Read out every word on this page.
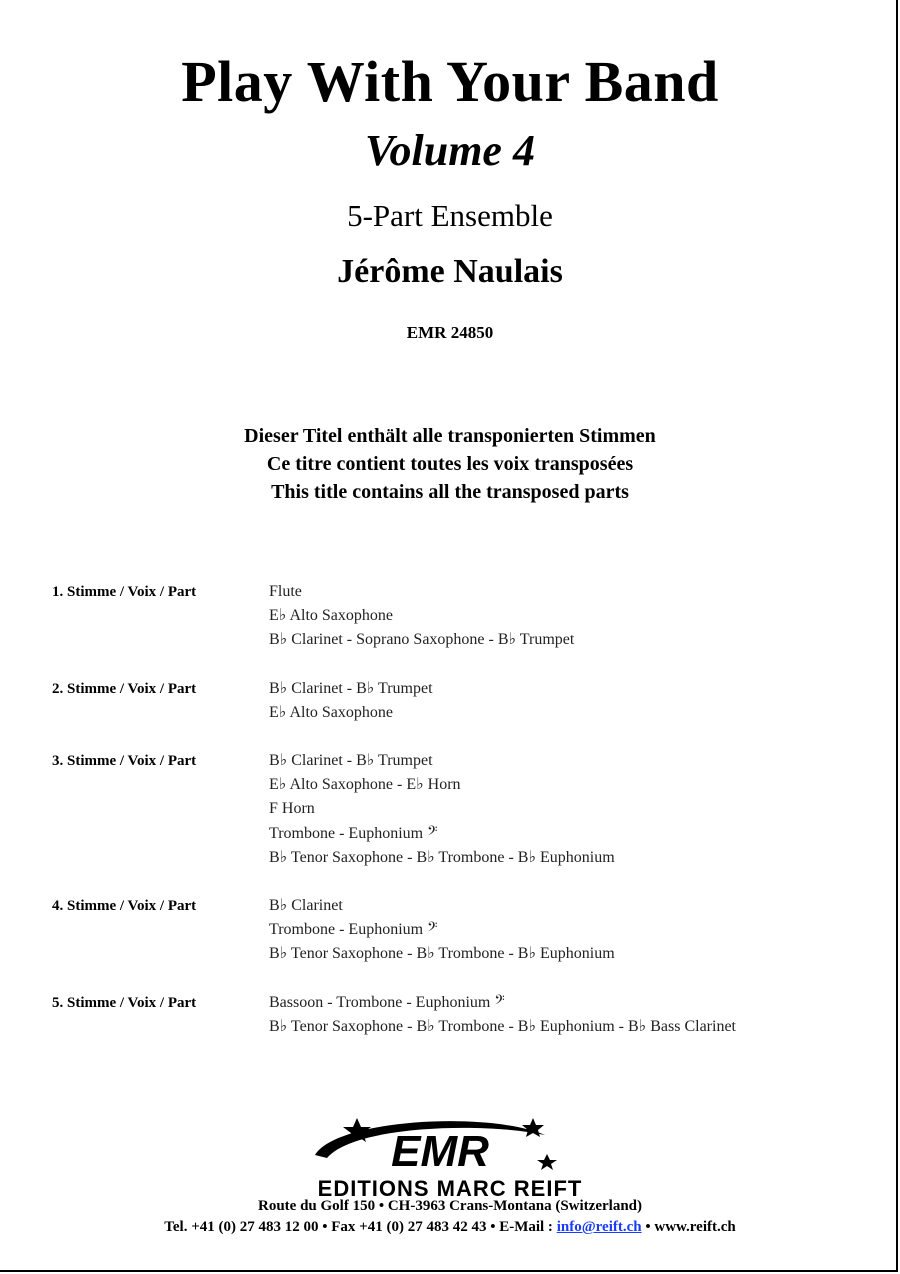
Play With Your Band
Volume 4
5-Part Ensemble
Jérôme Naulais
EMR 24850
Dieser Titel enthält alle transponierten Stimmen
Ce titre contient toutes les voix transposées
This title contains all the transposed parts
1. Stimme / Voix / Part	Flute
E♭ Alto Saxophone
B♭ Clarinet - Soprano Saxophone - B♭ Trumpet
2. Stimme / Voix / Part	B♭ Clarinet - B♭ Trumpet
E♭ Alto Saxophone
3. Stimme / Voix / Part	B♭ Clarinet - B♭ Trumpet
E♭ Alto Saxophone - E♭ Horn
F Horn
Trombone - Euphonium 𝄢
B♭ Tenor Saxophone - B♭ Trombone - B♭ Euphonium
4. Stimme / Voix / Part	B♭ Clarinet
Trombone - Euphonium 𝄢
B♭ Tenor Saxophone - B♭ Trombone - B♭ Euphonium
5. Stimme / Voix / Part	Bassoon - Trombone - Euphonium 𝄢
B♭ Tenor Saxophone - B♭ Trombone - B♭ Euphonium - B♭ Bass Clarinet
EMR
EDITIONS MARC REIFT
Route du Golf 150 • CH-3963 Crans-Montana (Switzerland)
Tel. +41 (0) 27 483 12 00 • Fax +41 (0) 27 483 42 43 • E-Mail : info@reift.ch • www.reift.ch
